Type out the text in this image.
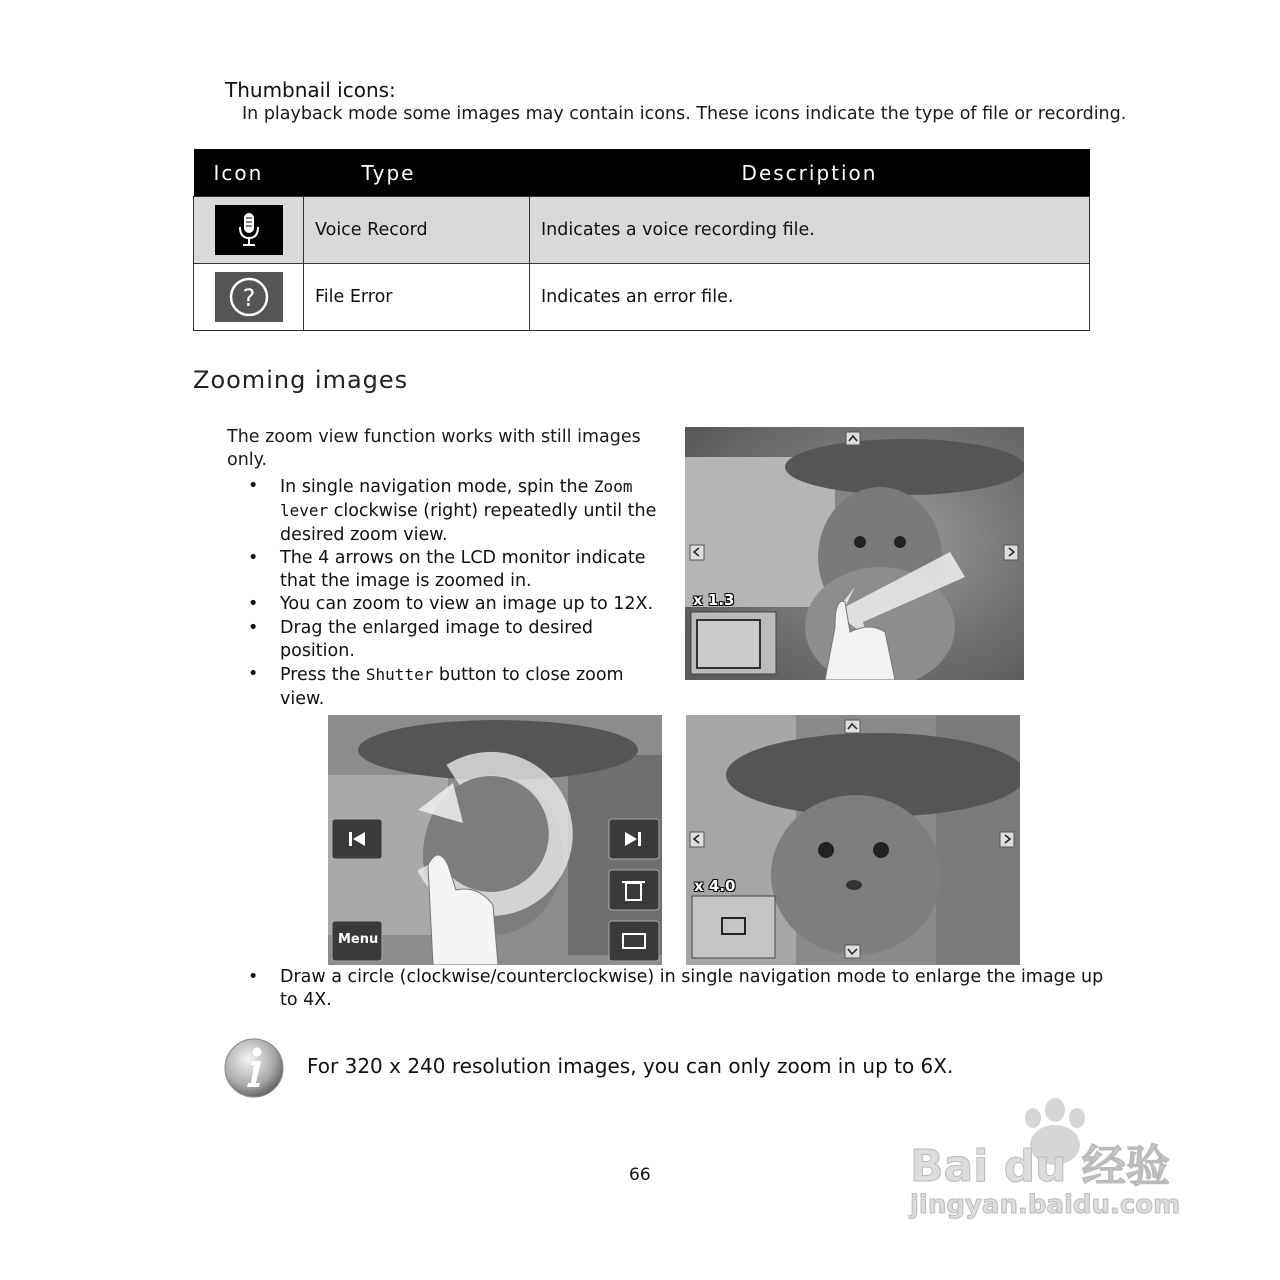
Thumbnail icons:
In playback mode some images may contain icons. These icons indicate the type of file or recording.
Icon	Type	Description

	Voice Record	Indicates a voice recording file.

?	File Error	Indicates an error file.
Zooming images
The zoom view function works with still images only.
• In single navigation mode, spin the Zoom lever clockwise (right) repeatedly until the desired zoom view.
• The 4 arrows on the LCD monitor indicate that the image is zoomed in.
• You can zoom to view an image up to 12X.
• Drag the enlarged image to desired position.
• Press the Shutter button to close zoom view.
x 1.3
Menu
x 4.0
• Draw a circle (clockwise/counterclockwise) in single navigation mode to enlarge the image up to 4X.
For 320 x 240 resolution images, you can only zoom in up to 6X.
66	Bai du 经验
jingyan.baidu.com
